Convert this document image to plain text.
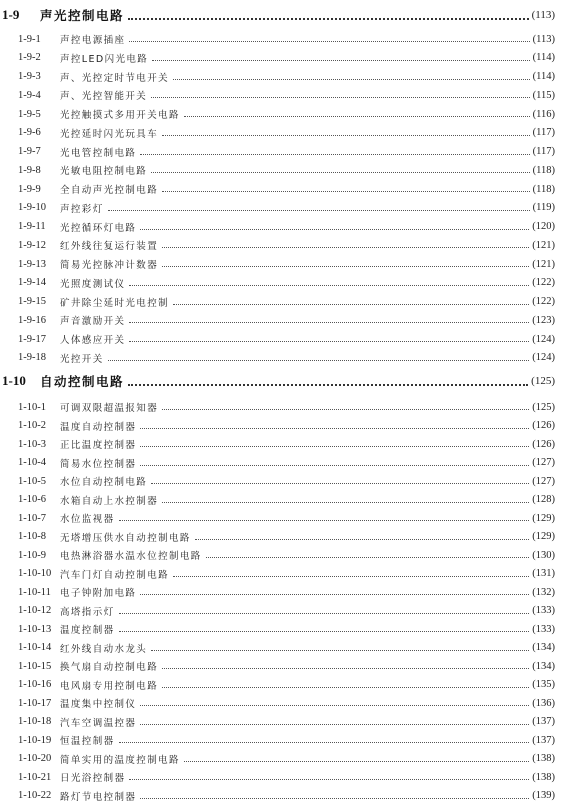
1-9 声光控制电路	(113)
1-9-1 声控电源插座	(113)
1-9-2 声控LED闪光电路	(114)
1-9-3 声、光控定时节电开关	(114)
1-9-4 声、光控智能开关	(115)
1-9-5 光控触摸式多用开关电路	(116)
1-9-6 光控延时闪光玩具车	(117)
1-9-7 光电管控制电路	(117)
1-9-8 光敏电阻控制电路	(118)
1-9-9 全自动声光控制电路	(118)
1-9-10 声控彩灯	(119)
1-9-11 光控循环灯电路	(120)
1-9-12 红外线往复运行装置	(121)
1-9-13 简易光控脉冲计数器	(121)
1-9-14 光照度测试仪	(122)
1-9-15 矿井除尘延时光电控制	(122)
1-9-16 声音激励开关	(123)
1-9-17 人体感应开关	(124)
1-9-18 光控开关	(124)
1-10 自动控制电路	(125)
1-10-1 可调双限超温报知器	(125)
1-10-2 温度自动控制器	(126)
1-10-3 正比温度控制器	(126)
1-10-4 简易水位控制器	(127)
1-10-5 水位自动控制电路	(127)
1-10-6 水箱自动上水控制器	(128)
1-10-7 水位监视器	(129)
1-10-8 无塔增压供水自动控制电路	(129)
1-10-9 电热淋浴器水温水位控制电路	(130)
1-10-10 汽车门灯自动控制电路	(131)
1-10-11 电子钟附加电路	(132)
1-10-12 高塔指示灯	(133)
1-10-13 温度控制器	(133)
1-10-14 红外线自动水龙头	(134)
1-10-15 换气扇自动控制电路	(134)
1-10-16 电风扇专用控制电路	(135)
1-10-17 温度集中控制仪	(136)
1-10-18 汽车空调温控器	(137)
1-10-19 恒温控制器	(137)
1-10-20 简单实用的温度控制电路	(138)
1-10-21 日光浴控制器	(138)
1-10-22 路灯节电控制器	(139)
